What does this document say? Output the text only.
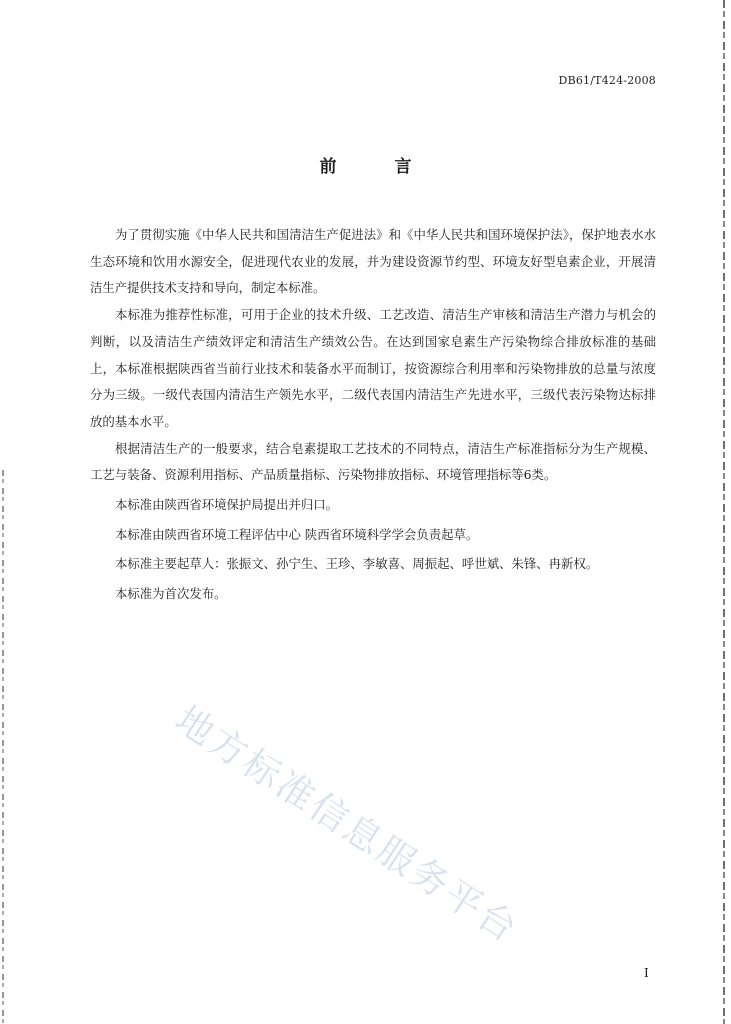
DB61/T424-2008
前 言

为了贯彻实施《中华人民共和国清洁生产促进法》和《中华人民共和国环境保护法》，保护地表水水生态环境和饮用水源安全，促进现代农业的发展，并为建设资源节约型、环境友好型皂素企业，开展清洁生产提供技术支持和导向，制定本标准。

本标准为推荐性标准，可用于企业的技术升级、工艺改造、清洁生产审核和清洁生产潜力与机会的判断，以及清洁生产绩效评定和清洁生产绩效公告。在达到国家皂素生产污染物综合排放标准的基础上，本标准根据陕西省当前行业技术和装备水平而制订，按资源综合利用率和污染物排放的总量与浓度分为三级。一级代表国内清洁生产领先水平，二级代表国内清洁生产先进水平，三级代表污染物达标排放的基本水平。

根据清洁生产的一般要求，结合皂素提取工艺技术的不同特点，清洁生产标准指标分为生产规模、工艺与装备、资源利用指标、产品质量指标、污染物排放指标、环境管理指标等6类。

本标准由陕西省环境保护局提出并归口。

本标准由陕西省环境工程评估中心 陕西省环境科学学会负责起草。

本标准主要起草人：张振文、孙宁生、王珍、李敏喜、周振起、呼世斌、朱锋、冉新权。

本标准为首次发布。

地方标准信息服务平台
I
